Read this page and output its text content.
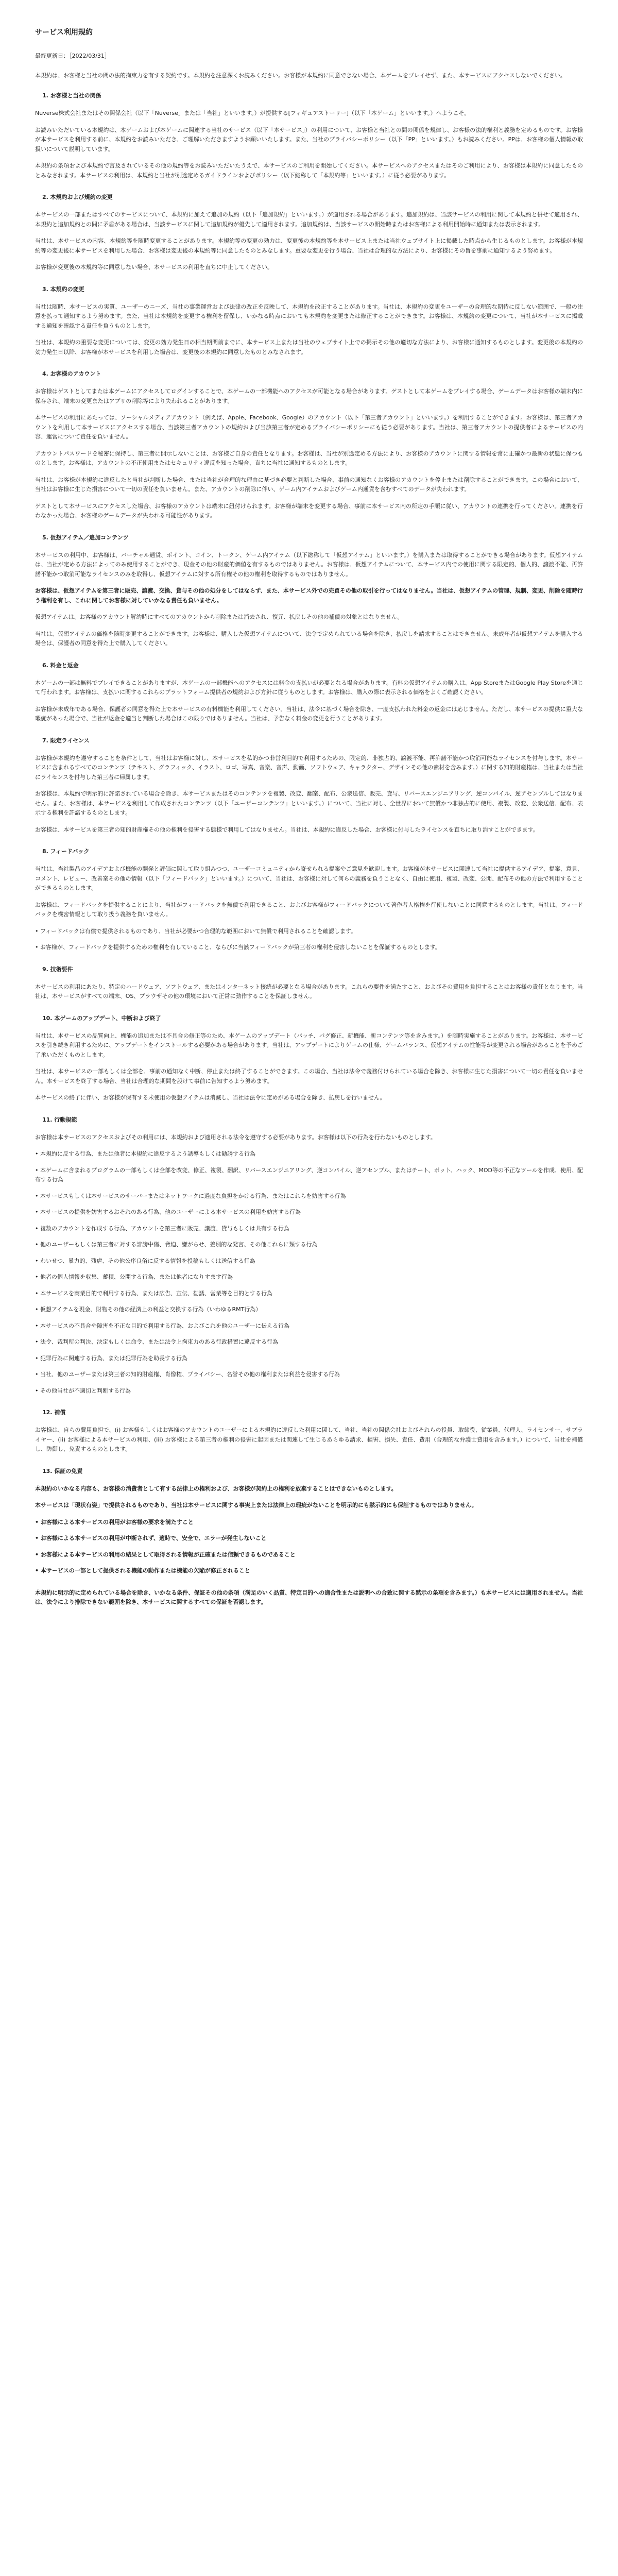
サービス利用規約
最終更新日：［2022/03/31］
本規約は、お客様と当社の間の法的拘束力を有する契約です。本規約を注意深くお読みください。お客様が本規約に同意できない場合、本ゲームをプレイせず、また、本サービスにアクセスしないでください。
1. お客様と当社の関係

Nuverse株式会社またはその関係会社（以下「Nuverse」または「当社」といいます。）が提供する[フィギュアストーリー]（以下「本ゲーム」といいます。）へようこそ。

お読みいただいている本規約は、本ゲームおよび本ゲームに関連する当社のサービス（以下「本サービス」）の利用について、お客様と当社との間の関係を規律し、お客様の法的権利と義務を定めるものです。お客様が本サービスを利用する前に、本規約をお読みいただき、ご理解いただきますようお願いいたします。また、当社のプライバシーポリシー（以下「PP」といいます。）もお読みください。PPは、お客様の個人情報の取扱いについて説明しています。

本規約の条項および本規約で言及されているその他の規約等をお読みいただいたうえで、本サービスのご利用を開始してください。本サービスへのアクセスまたはそのご利用により、お客様は本規約に同意したものとみなされます。本サービスの利用は、本規約と当社が別途定めるガイドラインおよびポリシー（以下総称して「本規約等」といいます。）に従う必要があります。

2. 本規約および規約の変更

本サービスの一部またはすべてのサービスについて、本規約に加えて追加の規約（以下「追加規約」といいます。）が適用される場合があります。追加規約は、当該サービスの利用に関して本規約と併せて適用され、本規約と追加規約との間に矛盾がある場合は、当該サービスに関して追加規約が優先して適用されます。追加規約は、当該サービスの開始時またはお客様による利用開始時に通知または表示されます。

当社は、本サービスの内容、本規約等を随時変更することがあります。本規約等の変更の効力は、変更後の本規約等を本サービス上または当社ウェブサイト上に掲載した時点から生じるものとします。お客様が本規約等の変更後に本サービスを利用した場合、お客様は変更後の本規約等に同意したものとみなします。重要な変更を行う場合、当社は合理的な方法により、お客様にその旨を事前に通知するよう努めます。

お客様が変更後の本規約等に同意しない場合、本サービスの利用を直ちに中止してください。

3. 本規約の変更

当社は随時、本サービスの実質、ユーザーのニーズ、当社の事業運営および法律の改正を反映して、本規約を改正することがあります。当社は、本規約の変更をユーザーの合理的な期待に反しない範囲で、一般の注意を払って通知するよう努めます。また、当社は本規約を変更する権利を留保し、いかなる時点においても本規約を変更または修正することができます。お客様は、本規約の変更について、当社が本サービスに掲載する通知を確認する責任を負うものとします。

当社は、本規約の重要な変更については、変更の効力発生日の相当期間前までに、本サービス上または当社のウェブサイト上での掲示その他の適切な方法により、お客様に通知するものとします。変更後の本規約の効力発生日以降、お客様が本サービスを利用した場合は、変更後の本規約に同意したものとみなされます。

4. お客様のアカウント

お客様はゲストとしてまたは本ゲームにアクセスしてログインすることで、本ゲームの一部機能へのアクセスが可能となる場合があります。ゲストとして本ゲームをプレイする場合、ゲームデータはお客様の端末内に保存され、端末の変更またはアプリの削除等により失われることがあります。

本サービスの利用にあたっては、ソーシャルメディアアカウント（例えば、Apple、Facebook、Google）のアカウント（以下「第三者アカウント」といいます。）を利用することができます。お客様は、第三者アカウントを利用して本サービスにアクセスする場合、当該第三者アカウントの規約および当該第三者が定めるプライバシーポリシーにも従う必要があります。当社は、第三者アカウントの提供者によるサービスの内容、運営について責任を負いません。

アカウントパスワードを秘密に保持し、第三者に開示しないことは、お客様ご自身の責任となります。お客様は、当社が別途定める方法により、お客様のアカウントに関する情報を常に正確かつ最新の状態に保つものとします。お客様は、アカウントの不正使用またはセキュリティ違反を知った場合、直ちに当社に通知するものとします。

当社は、お客様が本規約に違反したと当社が判断した場合、または当社が合理的な理由に基づき必要と判断した場合、事前の通知なくお客様のアカウントを停止または削除することができます。この場合において、当社はお客様に生じた損害について一切の責任を負いません。また、アカウントの削除に伴い、ゲーム内アイテムおよびゲーム内通貨を含むすべてのデータが失われます。

ゲストとして本サービスにアクセスした場合、お客様のアカウントは端末に紐付けられます。お客様が端末を変更する場合、事前に本サービス内の所定の手順に従い、アカウントの連携を行ってください。連携を行わなかった場合、お客様のゲームデータが失われる可能性があります。

5. 仮想アイテム／追加コンテンツ

本サービスの利用中、お客様は、バーチャル通貨、ポイント、コイン、トークン、ゲーム内アイテム（以下総称して「仮想アイテム」といいます。）を購入または取得することができる場合があります。仮想アイテムは、当社が定める方法によってのみ使用することができ、現金その他の財産的価値を有するものではありません。お客様は、仮想アイテムについて、本サービス内での使用に関する限定的、個人的、譲渡不能、再許諾不能かつ取消可能なライセンスのみを取得し、仮想アイテムに対する所有権その他の権利を取得するものではありません。

お客様は、仮想アイテムを第三者に販売、譲渡、交換、貸与その他の処分をしてはならず、また、本サービス外での売買その他の取引を行ってはなりません。当社は、仮想アイテムの管理、規制、変更、削除を随時行う権利を有し、これに関してお客様に対していかなる責任も負いません。

仮想アイテムは、お客様のアカウント解約時にすべてのアカウントから削除または消去され、復元、払戻しその他の補償の対象とはなりません。

当社は、仮想アイテムの価格を随時変更することができます。お客様は、購入した仮想アイテムについて、法令で定められている場合を除き、払戻しを請求することはできません。未成年者が仮想アイテムを購入する場合は、保護者の同意を得た上で購入してください。

6. 料金と返金

本ゲームの一部は無料でプレイできることがありますが、本ゲームの一部機能へのアクセスには料金の支払いが必要となる場合があります。有料の仮想アイテムの購入は、App StoreまたはGoogle Play Storeを通じて行われます。お客様は、支払いに関するこれらのプラットフォーム提供者の規約および方針に従うものとします。お客様は、購入の際に表示される価格をよくご確認ください。

お客様が未成年である場合、保護者の同意を得た上で本サービスの有料機能を利用してください。当社は、法令に基づく場合を除き、一度支払われた料金の返金には応じません。ただし、本サービスの提供に重大な瑕疵があった場合で、当社が返金を適当と判断した場合はこの限りではありません。当社は、予告なく料金の変更を行うことがあります。

7. 限定ライセンス

お客様が本規約を遵守することを条件として、当社はお客様に対し、本サービスを私的かつ非営利目的で利用するための、限定的、非独占的、譲渡不能、再許諾不能かつ取消可能なライセンスを付与します。本サービスに含まれるすべてのコンテンツ（テキスト、グラフィック、イラスト、ロゴ、写真、音楽、音声、動画、ソフトウェア、キャラクター、デザインその他の素材を含みます。）に関する知的財産権は、当社または当社にライセンスを付与した第三者に帰属します。

お客様は、本規約で明示的に許諾されている場合を除き、本サービスまたはそのコンテンツを複製、改変、翻案、配布、公衆送信、販売、貸与、リバースエンジニアリング、逆コンパイル、逆アセンブルしてはなりません。また、お客様は、本サービスを利用して作成されたコンテンツ（以下「ユーザーコンテンツ」といいます。）について、当社に対し、全世界において無償かつ非独占的に使用、複製、改変、公衆送信、配布、表示する権利を許諾するものとします。

お客様は、本サービスを第三者の知的財産権その他の権利を侵害する態様で利用してはなりません。当社は、本規約に違反した場合、お客様に付与したライセンスを直ちに取り消すことができます。

8. フィードバック

当社は、当社製品のアイデアおよび機能の開発と評価に関して取り組みつつ、ユーザーコミュニティから寄せられる提案やご意見を歓迎します。お客様が本サービスに関連して当社に提供するアイデア、提案、意見、コメント、レビュー、改善案その他の情報（以下「フィードバック」といいます。）について、当社は、お客様に対して何らの義務を負うことなく、自由に使用、複製、改変、公開、配布その他の方法で利用することができるものとします。

お客様は、フィードバックを提供することにより、当社がフィードバックを無償で利用できること、およびお客様がフィードバックについて著作者人格権を行使しないことに同意するものとします。当社は、フィードバックを機密情報として取り扱う義務を負いません。

• フィードバックは有償で提供されるものであり、当社が必要かつ合理的な範囲において無償で利用されることを確認します。
• お客様が、フィードバックを提供するための権利を有していること、ならびに当該フィードバックが第三者の権利を侵害しないことを保証するものとします。
9. 技術要件

本サービスの利用にあたり、特定のハードウェア、ソフトウェア、またはインターネット接続が必要となる場合があります。これらの要件を満たすこと、およびその費用を負担することはお客様の責任となります。当社は、本サービスがすべての端末、OS、ブラウザその他の環境において正常に動作することを保証しません。

10. 本ゲームのアップデート、中断および終了

当社は、本サービスの品質向上、機能の追加または不具合の修正等のため、本ゲームのアップデート（パッチ、バグ修正、新機能、新コンテンツ等を含みます。）を随時実施することがあります。お客様は、本サービスを引き続き利用するために、アップデートをインストールする必要がある場合があります。当社は、アップデートによりゲームの仕様、ゲームバランス、仮想アイテムの性能等が変更される場合があることを予めご了承いただくものとします。

当社は、本サービスの一部もしくは全部を、事前の通知なく中断、停止または終了することができます。この場合、当社は法令で義務付けられている場合を除き、お客様に生じた損害について一切の責任を負いません。本サービスを終了する場合、当社は合理的な期間を設けて事前に告知するよう努めます。

本サービスの終了に伴い、お客様が保有する未使用の仮想アイテムは消滅し、当社は法令に定めがある場合を除き、払戻しを行いません。

11. 行動規範

お客様は本サービスのアクセスおよびその利用には、本規約および適用される法令を遵守する必要があります。お客様は以下の行為を行わないものとします。

• 本規約に反する行為、または他者に本規約に違反するよう誘導もしくは勧誘する行為
• 本ゲームに含まれるプログラムの一部もしくは全部を改変、修正、複製、翻訳、リバースエンジニアリング、逆コンパイル、逆アセンブル、またはチート、ボット、ハック、MOD等の不正なツールを作成、使用、配布する行為
• 本サービスもしくは本サービスのサーバーまたはネットワークに過度な負担をかける行為、またはこれらを妨害する行為
• 本サービスの提供を妨害するおそれのある行為、他のユーザーによる本サービスの利用を妨害する行為
• 複数のアカウントを作成する行為、アカウントを第三者に販売、譲渡、貸与もしくは共有する行為
• 他のユーザーもしくは第三者に対する誹謗中傷、脅迫、嫌がらせ、差別的な発言、その他これらに類する行為
• わいせつ、暴力的、残虐、その他公序良俗に反する情報を投稿もしくは送信する行為
• 他者の個人情報を収集、蓄積、公開する行為、または他者になりすます行為
• 本サービスを商業目的で利用する行為、または広告、宣伝、勧誘、営業等を目的とする行為
• 仮想アイテムを現金、財物その他の経済上の利益と交換する行為（いわゆるRMT行為）
• 本サービスの不具合や障害を不正な目的で利用する行為、およびこれを他のユーザーに伝える行為
• 法令、裁判所の判決、決定もしくは命令、または法令上拘束力のある行政措置に違反する行為
• 犯罪行為に関連する行為、または犯罪行為を助長する行為
• 当社、他のユーザーまたは第三者の知的財産権、肖像権、プライバシー、名誉その他の権利または利益を侵害する行為
• その他当社が不適切と判断する行為
12. 補償

お客様は、自らの費用負担で、(i) お客様もしくはお客様のアカウントのユーザーによる本規約に違反した利用に関して、当社、当社の関係会社およびそれらの役員、取締役、従業員、代理人、ライセンサー、サプライヤー、(ii) お客様による本サービスの利用、(iii) お客様による第三者の権利の侵害に起因または関連して生じるあらゆる請求、損害、損失、責任、費用（合理的な弁護士費用を含みます。）について、当社を補償し、防御し、免責するものとします。

13. 保証の免責

本規約のいかなる内容も、お客様の消費者として有する法律上の権利および、お客様が契約上の権利を放棄することはできないものとします。

本サービスは「現状有姿」で提供されるものであり、当社は本サービスに関する事実上または法律上の瑕疵がないことを明示的にも黙示的にも保証するものではありません。

• お客様による本サービスの利用がお客様の要求を満たすこと
• お客様による本サービスの利用が中断されず、適時で、安全で、エラーが発生しないこと
• お客様による本サービスの利用の結果として取得される情報が正確または信頼できるものであること
• 本サービスの一部として提供される機能の動作または機能の欠陥が修正されること

本規約に明示的に定められている場合を除き、いかなる条件、保証その他の条項（満足のいく品質、特定目的への適合性または説明への合致に関する黙示の条項を含みます。）も本サービスには適用されません。当社は、法令により排除できない範囲を除き、本サービスに関するすべての保証を否認します。
